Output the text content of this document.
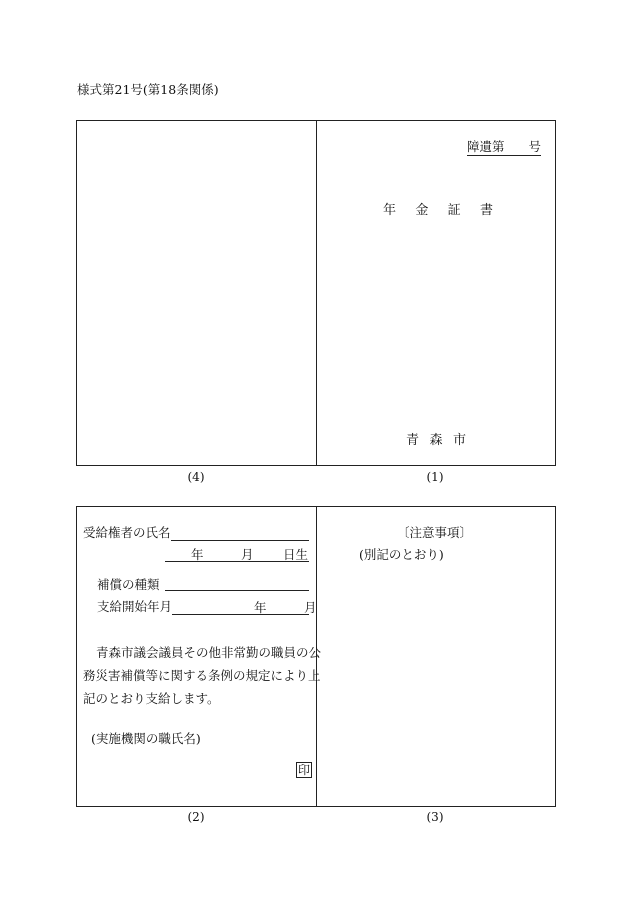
様式第21号(第18条関係)
障遺第 号
年 金 証 書
青 森 市
(4)	(1)
受給権者の氏名
年	月 日生
補償の種類
支給開始年月	年	月
青森市議会議員その他非常勤の職員の公
務災害補償等に関する条例の規定により上
記のとおり支給します。
(実施機関の職氏名)
印
〔注意事項〕
(別記のとおり)
(2)	(3)
